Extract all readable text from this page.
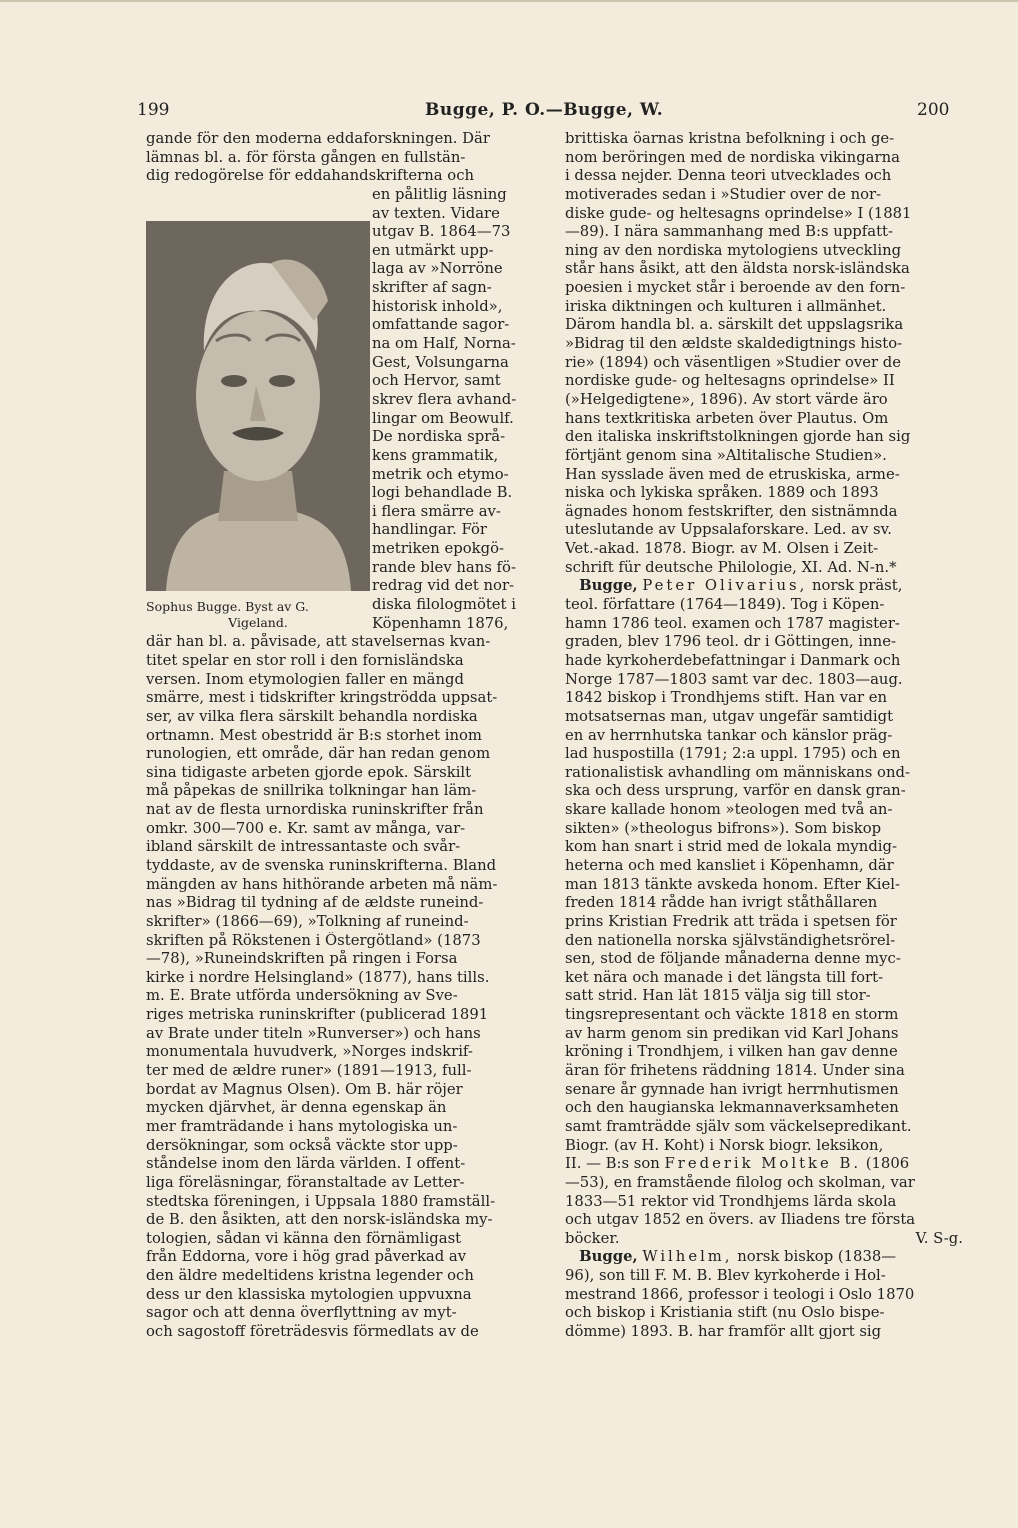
199	Bugge, P. O.—Bugge, W.	200
Sophus Bugge. Byst av G.
Vigeland.
gande för den moderna eddaforskningen. Där
lämnas bl. a. för första gången en fullstän-
dig redogörelse för eddahandskrifterna och
en pålitlig läsning
av texten. Vidare
utgav B. 1864—73
en utmärkt upp-
laga av »Norröne
skrifter af sagn-
historisk inhold»,
omfattande sagor-
na om Half, Norna-
Gest, Volsungarna
och Hervor, samt
skrev flera avhand-
lingar om Beowulf.
De nordiska språ-
kens grammatik,
metrik och etymo-
logi behandlade B.
i flera smärre av-
handlingar. För
metriken epokgö-
rande blev hans fö-
redrag vid det nor-
diska filologmötet i
Köpenhamn 1876,
där han bl. a. påvisade, att stavelsernas kvan-
titet spelar en stor roll i den fornisländska
versen. Inom etymologien faller en mängd
smärre, mest i tidskrifter kringströdda uppsat-
ser, av vilka flera särskilt behandla nordiska
ortnamn. Mest obestridd är B:s storhet inom
runologien, ett område, där han redan genom
sina tidigaste arbeten gjorde epok. Särskilt
må påpekas de snillrika tolkningar han läm-
nat av de flesta urnordiska runinskrifter från
omkr. 300—700 e. Kr. samt av många, var-
ibland särskilt de intressantaste och svår-
tyddaste, av de svenska runinskrifterna. Bland
mängden av hans hithörande arbeten må näm-
nas »Bidrag til tydning af de ældste runeind-
skrifter» (1866—69), »Tolkning af runeind-
skriften på Rökstenen i Östergötland» (1873
—78), »Runeindskriften på ringen i Forsa
kirke i nordre Helsingland» (1877), hans tills.
m. E. Brate utförda undersökning av Sve-
riges metriska runinskrifter (publicerad 1891
av Brate under titeln »Runverser») och hans
monumentala huvudverk, »Norges indskrif-
ter med de ældre runer» (1891—1913, full-
bordat av Magnus Olsen). Om B. här röjer
mycken djärvhet, är denna egenskap än
mer framträdande i hans mytologiska un-
dersökningar, som också väckte stor upp-
ståndelse inom den lärda världen. I offent-
liga föreläsningar, föranstaltade av Letter-
stedtska föreningen, i Uppsala 1880 framställ-
de B. den åsikten, att den norsk-isländska my-
tologien, sådan vi känna den förnämligast
från Eddorna, vore i hög grad påverkad av
den äldre medeltidens kristna legender och
dess ur den klassiska mytologien uppvuxna
sagor och att denna överflyttning av myt-
och sagostoff företrädesvis förmedlats av de
brittiska öarnas kristna befolkning i och ge-
nom beröringen med de nordiska vikingarna
i dessa nejder. Denna teori utvecklades och
motiverades sedan i »Studier over de nor-
diske gude- og heltesagns oprindelse» I (1881
—89). I nära sammanhang med B:s uppfatt-
ning av den nordiska mytologiens utveckling
står hans åsikt, att den äldsta norsk-isländska
poesien i mycket står i beroende av den forn-
iriska diktningen och kulturen i allmänhet.
Därom handla bl. a. särskilt det uppslagsrika
»Bidrag til den ældste skaldedigtnings histo-
rie» (1894) och väsentligen »Studier over de
nordiske gude- og heltesagns oprindelse» II
(»Helgedigtene», 1896). Av stort värde äro
hans textkritiska arbeten över Plautus. Om
den italiska inskriftstolkningen gjorde han sig
förtjänt genom sina »Altitalische Studien».
Han sysslade även med de etruskiska, arme-
niska och lykiska språken. 1889 och 1893
ägnades honom festskrifter, den sistnämnda
uteslutande av Uppsalaforskare. Led. av sv.
Vet.-akad. 1878. Biogr. av M. Olsen i Zeit-
schrift für deutsche Philologie, XI. Ad. N-n.*
Bugge, Peter Olivarius, norsk präst,
teol. författare (1764—1849). Tog i Köpen-
hamn 1786 teol. examen och 1787 magister-
graden, blev 1796 teol. dr i Göttingen, inne-
hade kyrkoherdebefattningar i Danmark och
Norge 1787—1803 samt var dec. 1803—aug.
1842 biskop i Trondhjems stift. Han var en
motsatsernas man, utgav ungefär samtidigt
en av herrnhutska tankar och känslor präg-
lad huspostilla (1791; 2:a uppl. 1795) och en
rationalistisk avhandling om människans ond-
ska och dess ursprung, varför en dansk gran-
skare kallade honom »teologen med två an-
sikten» (»theologus bifrons»). Som biskop
kom han snart i strid med de lokala myndig-
heterna och med kansliet i Köpenhamn, där
man 1813 tänkte avskeda honom. Efter Kiel-
freden 1814 rådde han ivrigt ståthållaren
prins Kristian Fredrik att träda i spetsen för
den nationella norska självständighetsrörel-
sen, stod de följande månaderna denne myc-
ket nära och manade i det längsta till fort-
satt strid. Han lät 1815 välja sig till stor-
tingsrepresentant och väckte 1818 en storm
av harm genom sin predikan vid Karl Johans
kröning i Trondhjem, i vilken han gav denne
äran för frihetens räddning 1814. Under sina
senare år gynnade han ivrigt herrnhutismen
och den haugianska lekmannaverksamheten
samt framträdde själv som väckelsepredikant.
Biogr. (av H. Koht) i Norsk biogr. leksikon,
II. — B:s son Frederik Moltke B. (1806
—53), en framstående filolog och skolman, var
1833—51 rektor vid Trondhjems lärda skola
och utgav 1852 en övers. av Iliadens tre första
böcker.	V. S-g.
Bugge, Wilhelm, norsk biskop (1838—
96), son till F. M. B. Blev kyrkoherde i Hol-
mestrand 1866, professor i teologi i Oslo 1870
och biskop i Kristiania stift (nu Oslo bispe-
dömme) 1893. B. har framför allt gjort sig
